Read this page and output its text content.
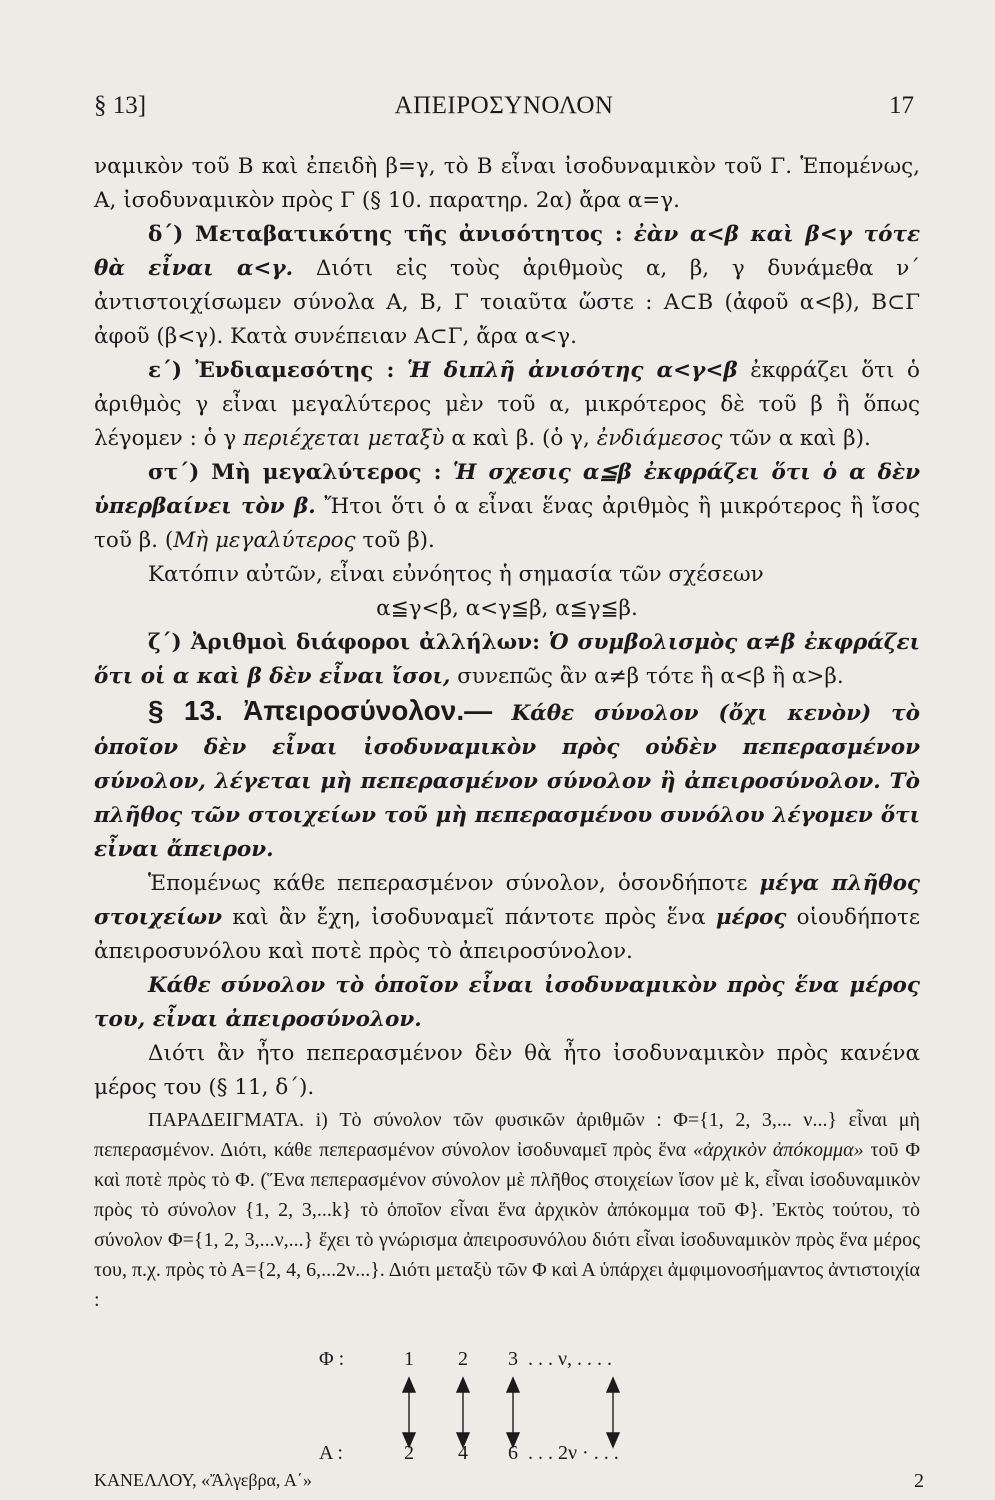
§ 13]	ΑΠΕΙΡΟΣΥΝΟΛΟΝ	17

ναμικὸν τοῦ Β καὶ ἐπειδὴ β=γ, τὸ Β εἶναι ἰσοδυναμικὸν τοῦ Γ. Ἑπομένως, Α, ἰσοδυναμικὸν πρὸς Γ (§ 10. παρατηρ. 2α) ἄρα α=γ.

δ΄) Μεταβατικότης τῆς ἀνισότητος : ἐὰν α<β καὶ β<γ τότε θὰ εἶναι α<γ. Διότι εἰς τοὺς ἀριθμοὺς α, β, γ δυνάμεθα ν΄ ἀντιστοιχίσωμεν σύνολα Α, Β, Γ τοιαῦτα ὥστε : Α⊂Β (ἀφοῦ α<β), Β⊂Γ ἀφοῦ (β<γ). Κατὰ συνέπειαν Α⊂Γ, ἄρα α<γ.

ε΄) Ἐνδιαμεσότης : Ἡ διπλῆ ἀνισότης α<γ<β ἐκφράζει ὅτι ὁ ἀριθμὸς γ εἶναι μεγαλύτερος μὲν τοῦ α, μικρότερος δὲ τοῦ β ἢ ὅπως λέγομεν : ὁ γ περιέχεται μεταξὺ α καὶ β. (ὁ γ, ἐνδιάμεσος τῶν α καὶ β).

στ΄) Μὴ μεγαλύτερος : Ἡ σχεσις α≦β ἐκφράζει ὅτι ὁ α δὲν ὑπερβαίνει τὸν β. Ἤτοι ὅτι ὁ α εἶναι ἕνας ἀριθμὸς ἢ μικρότερος ἢ ἴσος τοῦ β. (Μὴ μεγαλύτερος τοῦ β).

Κατόπιν αὐτῶν, εἶναι εὐνόητος ἡ σημασία τῶν σχέσεων

α≦γ<β, α<γ≦β, α≦γ≦β.

ζ΄) Ἀριθμοὶ διάφοροι ἀλλήλων: Ὁ συμβολισμὸς α≠β ἐκφράζει ὅτι οἱ α καὶ β δὲν εἶναι ἴσοι, συνεπῶς ἂν α≠β τότε ἢ α<β ἢ α>β.

§ 13. Ἀπειροσύνολον.— Κάθε σύνολον (ὄχι κενὸν) τὸ ὁποῖον δὲν εἶναι ἰσοδυναμικὸν πρὸς οὐδὲν πεπερασμένον σύνολον, λέγεται μὴ πεπερασμένον σύνολον ἢ ἀπειροσύνολον. Τὸ πλῆθος τῶν στοιχείων τοῦ μὴ πεπερασμένου συνόλου λέγομεν ὅτι εἶναι ἄπειρον.

Ἑπομένως κάθε πεπερασμένον σύνολον, ὁσονδήποτε μέγα πλῆθος στοιχείων καὶ ἂν ἔχη, ἰσοδυναμεῖ πάντοτε πρὸς ἕνα μέρος οἱουδήποτε ἀπειροσυνόλου καὶ ποτὲ πρὸς τὸ ἀπειροσύνολον.

Κάθε σύνολον τὸ ὁποῖον εἶναι ἰσοδυναμικὸν πρὸς ἕνα μέρος του, εἶναι ἀπειροσύνολον.

Διότι ἂν ἦτο πεπερασμένον δὲν θὰ ἦτο ἰσοδυναμικὸν πρὸς κανένα μέρος του (§ 11, δ΄).

ΠΑΡΑΔΕΙΓΜΑΤΑ. i) Τὸ σύνολον τῶν φυσικῶν ἀριθμῶν : Φ={1, 2, 3,... ν...} εἶναι μὴ πεπερασμένον. Διότι, κάθε πεπερασμένον σύνολον ἰσοδυναμεῖ πρὸς ἕνα «ἀρχικὸν ἀπόκομμα» τοῦ Φ καὶ ποτὲ πρὸς τὸ Φ. (Ἕνα πεπερασμένον σύνολον μὲ πλῆθος στοιχείων ἴσον μὲ k, εἶναι ἰσοδυναμικὸν πρὸς τὸ σύνολον {1, 2, 3,...k} τὸ ὁποῖον εἶναι ἕνα ἀρχικὸν ἀπόκομμα τοῦ Φ}. Ἐκτὸς τούτου, τὸ σύνολον Φ={1, 2, 3,...ν,...} ἔχει τὸ γνώρισμα ἀπειροσυνόλου διότι εἶναι ἰσοδυναμικὸν πρὸς ἕνα μέρος του, π.χ. πρὸς τὸ Α={2, 4, 6,...2ν...}. Διότι μεταξὺ τῶν Φ καὶ Α ὑπάρχει ἀμφιμονοσήμαντος ἀντιστοιχία :

Φ :	1	2	3 . . . ν, . . . .
Α :	2	4	6 . . . 2ν · . . .
ΚΑΝΕΛΛΟΥ, «Ἄλγεβρα, Α΄»	2
